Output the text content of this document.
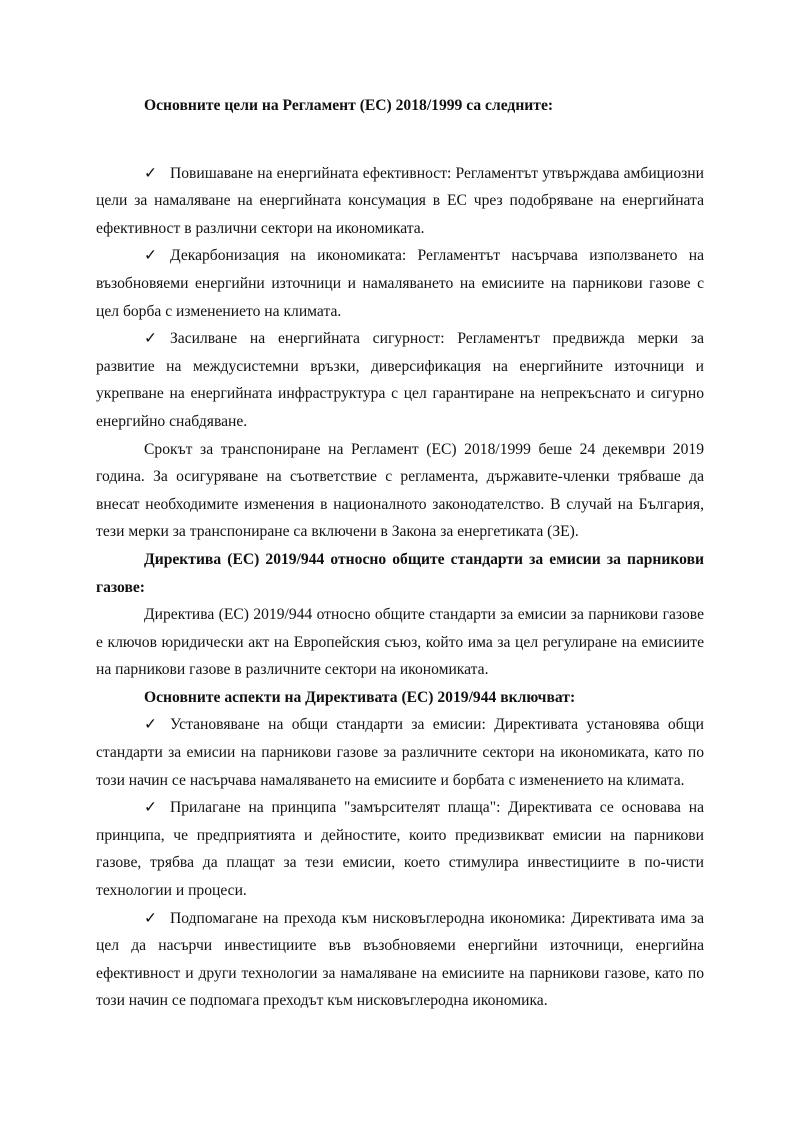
Основните цели на Регламент (ЕС) 2018/1999 са следните:

✓ Повишаване на енергийната ефективност: Регламентът утвърждава амбициозни цели за намаляване на енергийната консумация в ЕС чрез подобряване на енергийната ефективност в различни сектори на икономиката.

✓ Декарбонизация на икономиката: Регламентът насърчава използването на възобновяеми енергийни източници и намаляването на емисиите на парникови газове с цел борба с изменението на климата.

✓ Засилване на енергийната сигурност: Регламентът предвижда мерки за развитие на междусистемни връзки, диверсификация на енергийните източници и укрепване на енергийната инфраструктура с цел гарантиране на непрекъснато и сигурно енергийно снабдяване.

Срокът за транспониране на Регламент (ЕС) 2018/1999 беше 24 декември 2019 година. За осигуряване на съответствие с регламента, държавите-членки трябваше да внесат необходимите изменения в националното законодателство. В случай на България, тези мерки за транспониране са включени в Закона за енергетиката (ЗЕ).

Директива (ЕС) 2019/944 относно общите стандарти за емисии за парникови газове:

Директива (ЕС) 2019/944 относно общите стандарти за емисии за парникови газове е ключов юридически акт на Европейския съюз, който има за цел регулиране на емисиите на парникови газове в различните сектори на икономиката.

Основните аспекти на Директивата (ЕС) 2019/944 включват:

✓ Установяване на общи стандарти за емисии: Директивата установява общи стандарти за емисии на парникови газове за различните сектори на икономиката, като по този начин се насърчава намаляването на емисиите и борбата с изменението на климата.

✓ Прилагане на принципа "замърсителят плаща": Директивата се основава на принципа, че предприятията и дейностите, които предизвикват емисии на парникови газове, трябва да плащат за тези емисии, което стимулира инвестициите в по-чисти технологии и процеси.

✓ Подпомагане на прехода към нисковъглеродна икономика: Директивата има за цел да насърчи инвестициите във възобновяеми енергийни източници, енергийна ефективност и други технологии за намаляване на емисиите на парникови газове, като по този начин се подпомага преходът към нисковъглеродна икономика.
